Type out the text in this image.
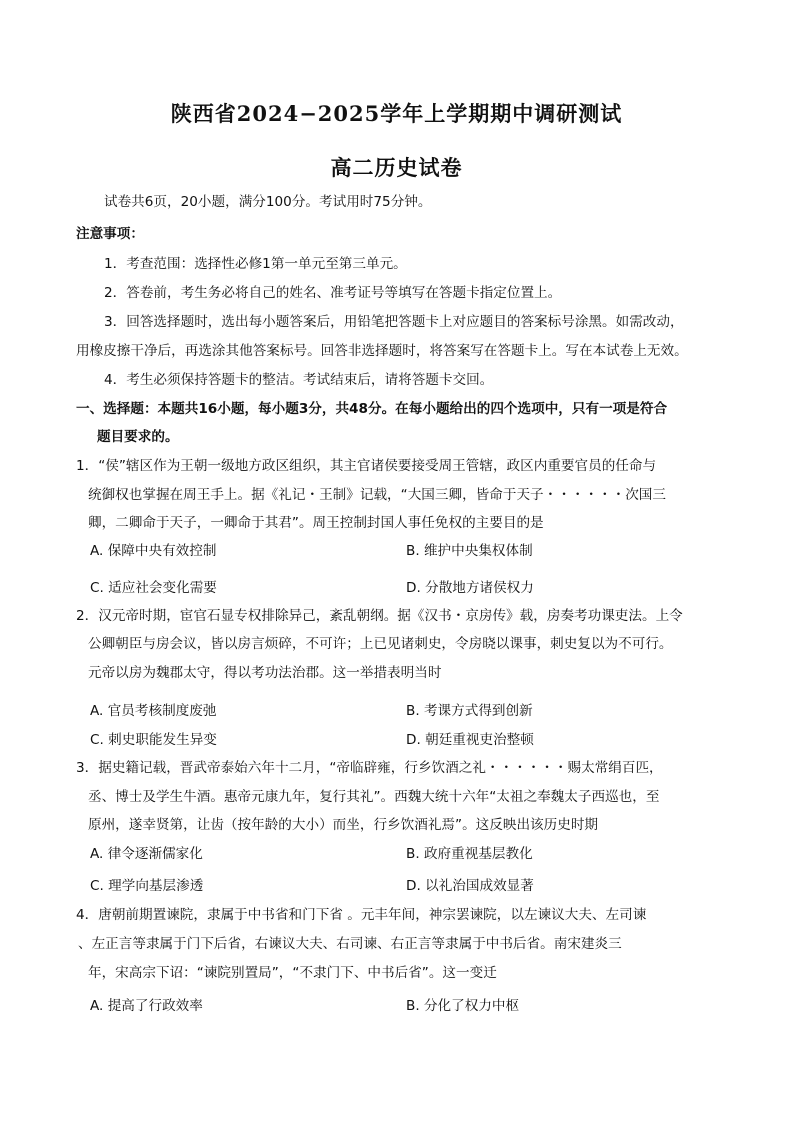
陕西省2024−2025学年上学期期中调研测试
高二历史试卷
试卷共6页，20小题，满分100分。考试用时75分钟。
注意事项：
1．考查范围：选择性必修1第一单元至第三单元。
2．答卷前，考生务必将自己的姓名、准考证号等填写在答题卡指定位置上。
3．回答选择题时，选出每小题答案后，用铅笔把答题卡上对应题目的答案标号涂黑。如需改动，
用橡皮擦干净后，再选涂其他答案标号。回答非选择题时，将答案写在答题卡上。写在本试卷上无效。
4．考生必须保持答题卡的整洁。考试结束后，请将答题卡交回。
一、选择题：本题共16小题，每小题3分，共48分。在每小题给出的四个选项中，只有一项是符合
题目要求的。
1．“侯”辖区作为王朝一级地方政区组织，其主官诸侯要接受周王管辖，政区内重要官员的任命与
统御权也掌握在周王手上。据《礼记・王制》记载，“大国三卿，皆命于天子・・・・・・次国三
卿，二卿命于天子，一卿命于其君”。周王控制封国人事任免权的主要目的是
A. 保障中央有效控制	B. 维护中央集权体制
C. 适应社会变化需要	D. 分散地方诸侯权力
2．汉元帝时期，宦官石显专权排除异己，紊乱朝纲。据《汉书・京房传》载，房奏考功课吏法。上令
公卿朝臣与房会议，皆以房言烦碎，不可许；上已见诸刺史，令房晓以课事，刺史复以为不可行。
元帝以房为魏郡太守，得以考功法治郡。这一举措表明当时
A. 官员考核制度废弛	B. 考课方式得到创新
C. 刺史职能发生异变	D. 朝廷重视吏治整顿
3．据史籍记载，晋武帝泰始六年十二月，“帝临辟雍，行乡饮酒之礼・・・・・・赐太常绢百匹，
丞、博士及学生牛酒。惠帝元康九年，复行其礼”。西魏大统十六年“太祖之奉魏太子西巡也，至
原州，遂幸贤第，让齿（按年龄的大小）而坐，行乡饮酒礼焉”。这反映出该历史时期
A. 律令逐渐儒家化	B. 政府重视基层教化
C. 理学向基层渗透	D. 以礼治国成效显著
4．唐朝前期置谏院，隶属于中书省和门下省 。元丰年间，神宗罢谏院，以左谏议大夫、左司谏
、左正言等隶属于门下后省，右谏议大夫、右司谏、右正言等隶属于中书后省。南宋建炎三
年，宋高宗下诏：“谏院别置局”，“不隶门下、中书后省”。这一变迁
A. 提高了行政效率	B. 分化了权力中枢
